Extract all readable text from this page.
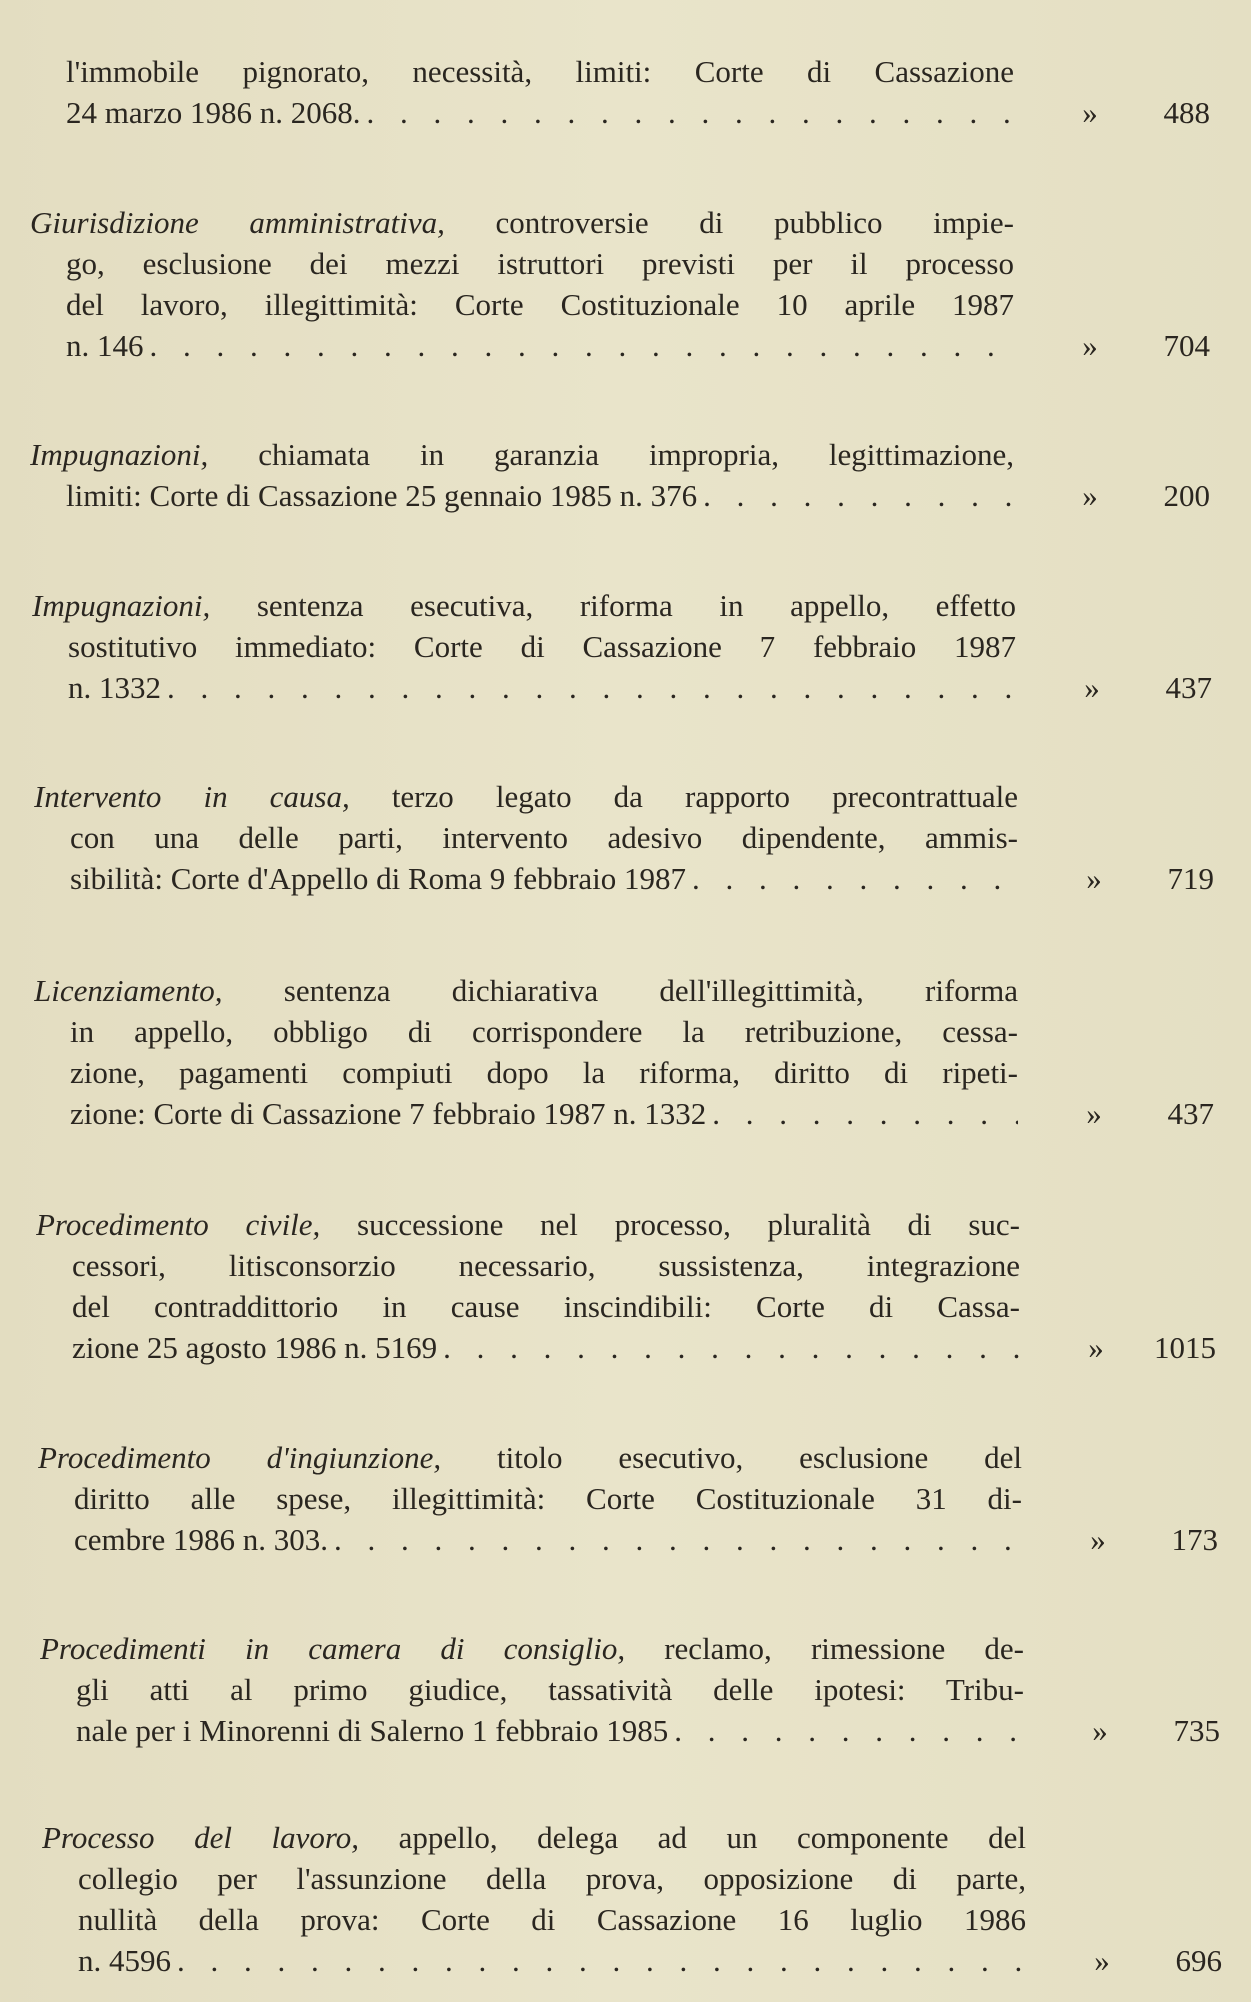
l'immobile pignorato, necessità, limiti: Corte di Cassazione
24 marzo 1986 n. 2068. . . .	»	488
Giurisdizione amministrativa, controversie di pubblico impie-
go, esclusione dei mezzi istruttori previsti per il processo
del lavoro, illegittimità: Corte Costituzionale 10 aprile 1987
n. 146 . . .	»	704
Impugnazioni, chiamata in garanzia impropria, legittimazione,
limiti: Corte di Cassazione 25 gennaio 1985 n. 376 . . .	»	200
Impugnazioni, sentenza esecutiva, riforma in appello, effetto
sostitutivo immediato: Corte di Cassazione 7 febbraio 1987
n. 1332 . . .	»	437
Intervento in causa, terzo legato da rapporto precontrattuale
con una delle parti, intervento adesivo dipendente, ammis-
sibilità: Corte d'Appello di Roma 9 febbraio 1987 . . .	»	719
Licenziamento, sentenza dichiarativa dell'illegittimità, riforma
in appello, obbligo di corrispondere la retribuzione, cessa-
zione, pagamenti compiuti dopo la riforma, diritto di ripeti-
zione: Corte di Cassazione 7 febbraio 1987 n. 1332 . . .	»	437
Procedimento civile, successione nel processo, pluralità di suc-
cessori, litisconsorzio necessario, sussistenza, integrazione
del contraddittorio in cause inscindibili: Corte di Cassa-
zione 25 agosto 1986 n. 5169 . . .	»	1015
Procedimento d'ingiunzione, titolo esecutivo, esclusione del
diritto alle spese, illegittimità: Corte Costituzionale 31 di-
cembre 1986 n. 303. . . .	»	173
Procedimenti in camera di consiglio, reclamo, rimessione de-
gli atti al primo giudice, tassatività delle ipotesi: Tribu-
nale per i Minorenni di Salerno 1 febbraio 1985 . . .	»	735
Processo del lavoro, appello, delega ad un componente del
collegio per l'assunzione della prova, opposizione di parte,
nullità della prova: Corte di Cassazione 16 luglio 1986
n. 4596 . . .	»	696
